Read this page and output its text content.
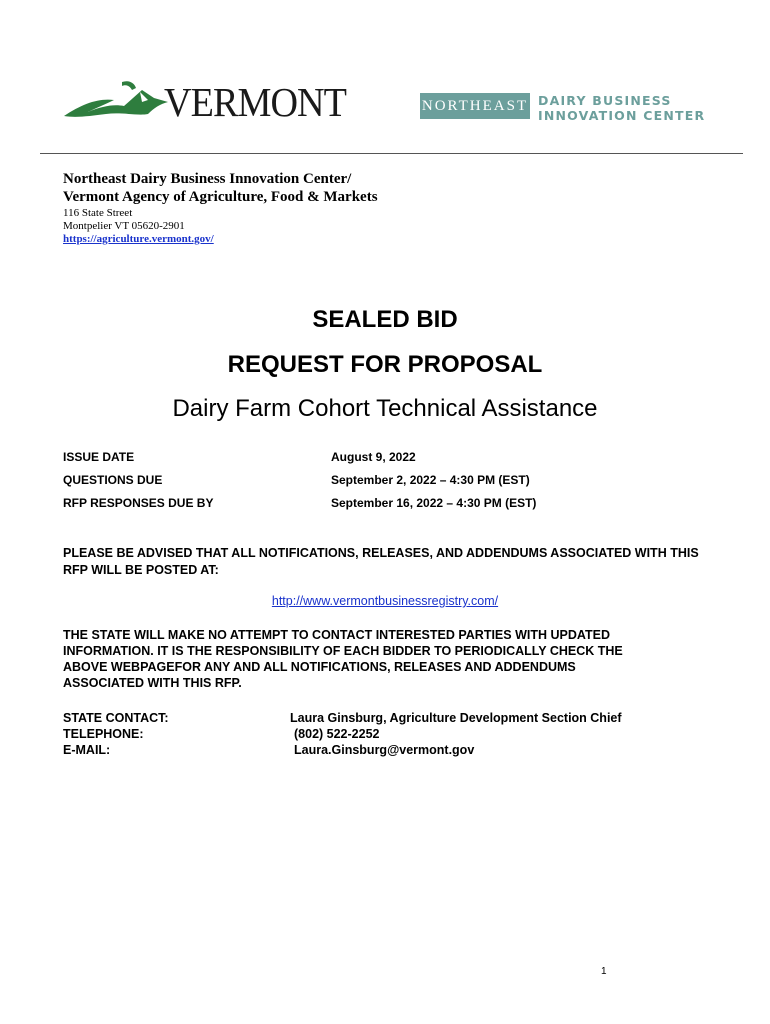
VERMONT	NORTHEAST DAIRY BUSINESS
INNOVATION CENTER
Northeast Dairy Business Innovation Center/
Vermont Agency of Agriculture, Food & Markets
116 State Street
Montpelier VT 05620-2901
https://agriculture.vermont.gov/
SEALED BID
REQUEST FOR PROPOSAL
Dairy Farm Cohort Technical Assistance
ISSUE DATE	August 9, 2022
QUESTIONS DUE	September 2, 2022 – 4:30 PM (EST)
RFP RESPONSES DUE BY	September 16, 2022 – 4:30 PM (EST)
PLEASE BE ADVISED THAT ALL NOTIFICATIONS, RELEASES, AND ADDENDUMS ASSOCIATED WITH THIS RFP WILL BE POSTED AT:
http://www.vermontbusinessregistry.com/
THE STATE WILL MAKE NO ATTEMPT TO CONTACT INTERESTED PARTIES WITH UPDATED
INFORMATION. IT IS THE RESPONSIBILITY OF EACH BIDDER TO PERIODICALLY CHECK THE
ABOVE WEBPAGEFOR ANY AND ALL NOTIFICATIONS, RELEASES AND ADDENDUMS
ASSOCIATED WITH THIS RFP.
STATE CONTACT:	Laura Ginsburg, Agriculture Development Section Chief
TELEPHONE:	(802) 522-2252
E-MAIL:	Laura.Ginsburg@vermont.gov
1
